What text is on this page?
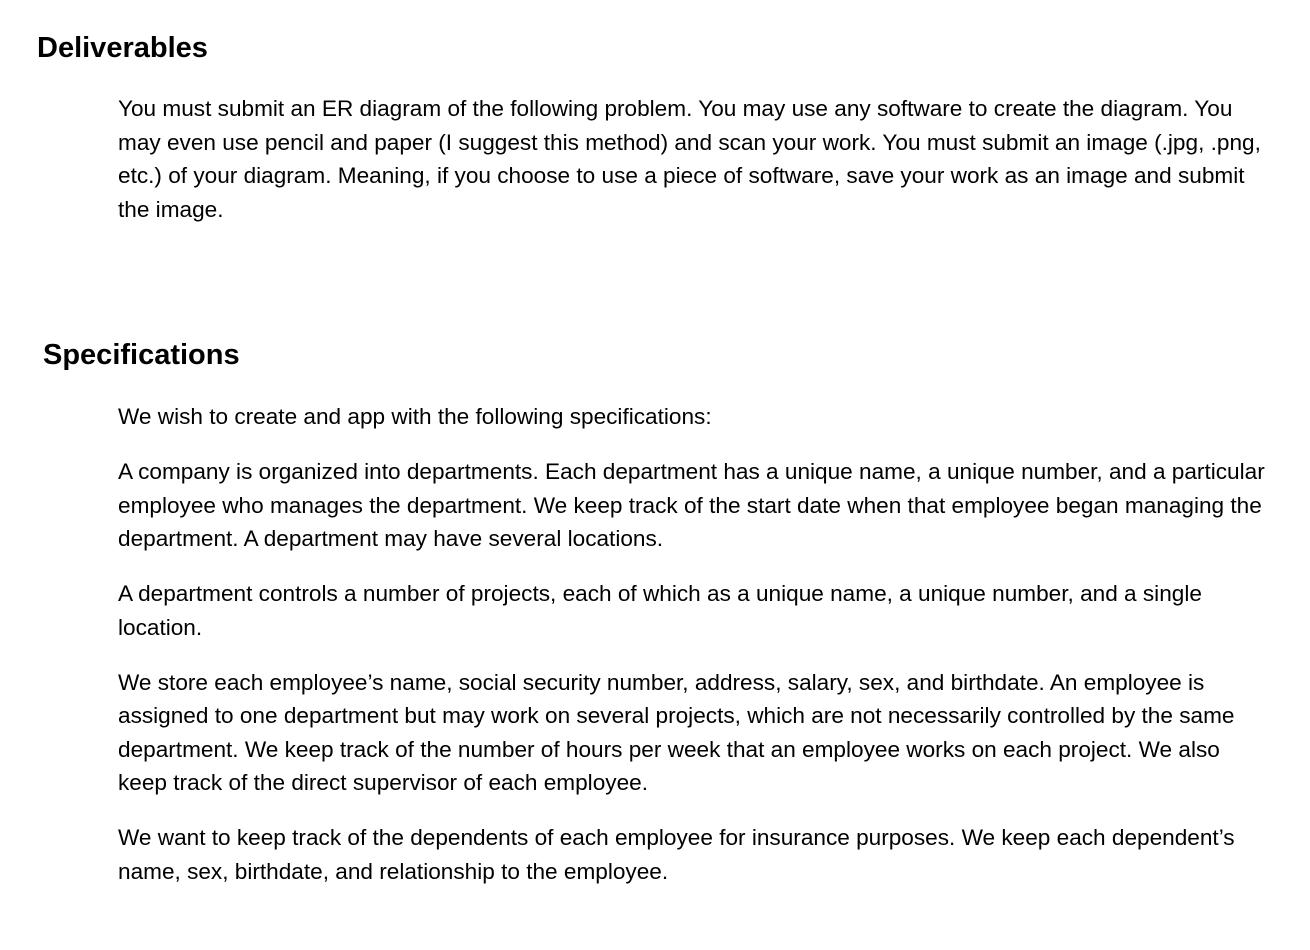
Deliverables

You must submit an ER diagram of the following problem. You may use any software to create the diagram. You may even use pencil and paper (I suggest this method) and scan your work. You must submit an image (.jpg, .png, etc.) of your diagram. Meaning, if you choose to use a piece of software, save your work as an image and submit the image.

Specifications

We wish to create and app with the following specifications:

A company is organized into departments. Each department has a unique name, a unique number, and a particular employee who manages the department. We keep track of the start date when that employee began managing the department. A department may have several locations.

A department controls a number of projects, each of which as a unique name, a unique number, and a single location.

We store each employee’s name, social security number, address, salary, sex, and birthdate. An employee is assigned to one department but may work on several projects, which are not necessarily controlled by the same department. We keep track of the number of hours per week that an employee works on each project. We also keep track of the direct supervisor of each employee.

We want to keep track of the dependents of each employee for insurance purposes. We keep each dependent’s name, sex, birthdate, and relationship to the employee.
